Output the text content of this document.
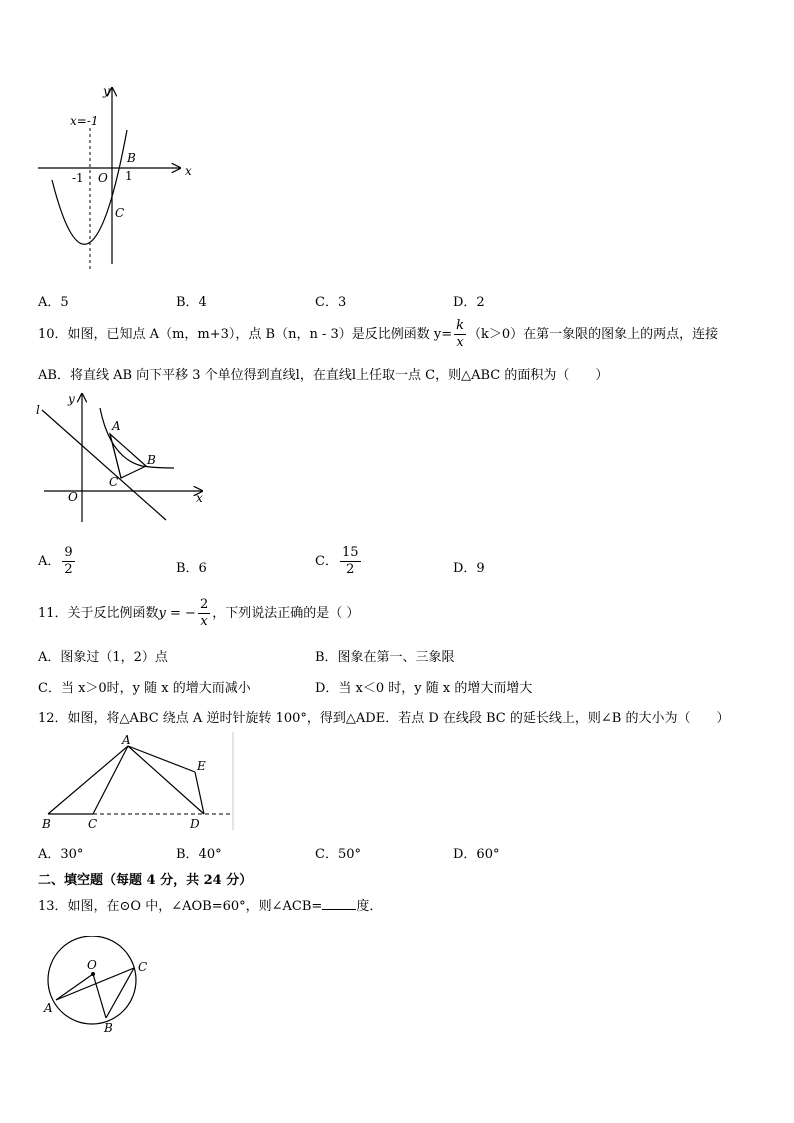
y
x=-1
x
-1 O 1
B
C
A．5	B．4	C．3	D．2
10．如图，已知点 A（m，m+3），点 B（n，n - 3）是反比例函数 $y= \frac{k}{x} (k>0)$在第一象限的图象上的两点，连接
AB．将直线 AB 向下平移 3 个单位得到直线l，在直线l上任取一点 C，则△ABC 的面积为（　　）
l
y
A
B
C
O	x
A． $\frac{9}{2}$	B．6	C． $\frac{15}{2}$	D．9
11．关于反比例函数y = − $\frac{2}{x}$ ，下列说法正确的是（ ）
A．图象过（1，2）点	B．图象在第一、三象限
C．当 x＞0时，y 随 x 的增大而减小	D．当 x＜0 时，y 随 x 的增大而增大
12．如图，将△ABC 绕点 A 逆时针旋转 100°，得到△ADE．若点 D 在线段 BC 的延长线上，则∠B 的大小为（　　）
A
E
B	C	D
A．30°	B．40°	C．50°	D．60°
二、填空题（每题 4 分，共 24 分）
13．如图，在⊙O 中，∠AOB=60°，则∠ACB=	度．
O	C
A
B
